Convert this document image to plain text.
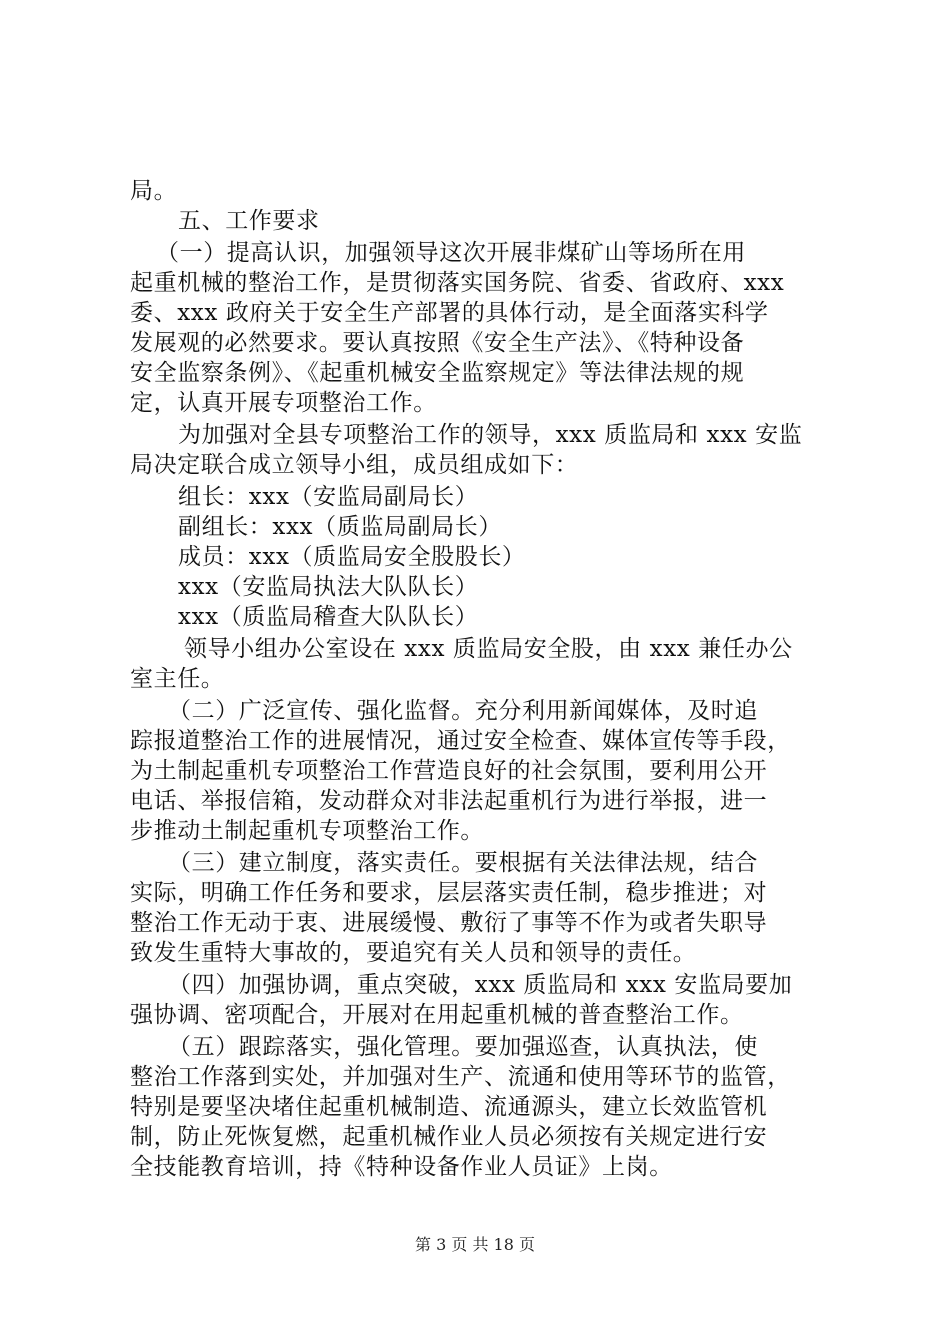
局。
五、工作要求
（一）提高认识，加强领导这次开展非煤矿山等场所在用
起重机械的整治工作，是贯彻落实国务院、省委、省政府、xxx
委、xxx 政府关于安全生产部署的具体行动，是全面落实科学
发展观的必然要求。要认真按照《安全生产法》、《特种设备
安全监察条例》、《起重机械安全监察规定》等法律法规的规
定，认真开展专项整治工作。
为加强对全县专项整治工作的领导，xxx 质监局和 xxx 安监
局决定联合成立领导小组，成员组成如下：
组长：xxx（安监局副局长）
副组长：xxx（质监局副局长）
成员：xxx（质监局安全股股长）
xxx（安监局执法大队队长）
xxx（质监局稽查大队队长）
领导小组办公室设在 xxx 质监局安全股，由 xxx 兼任办公
室主任。
（二）广泛宣传、强化监督。充分利用新闻媒体，及时追
踪报道整治工作的进展情况，通过安全检查、媒体宣传等手段，
为土制起重机专项整治工作营造良好的社会氛围，要利用公开
电话、举报信箱，发动群众对非法起重机行为进行举报，进一
步推动土制起重机专项整治工作。
（三）建立制度，落实责任。要根据有关法律法规，结合
实际，明确工作任务和要求，层层落实责任制，稳步推进；对
整治工作无动于衷、进展缓慢、敷衍了事等不作为或者失职导
致发生重特大事故的，要追究有关人员和领导的责任。
（四）加强协调，重点突破，xxx 质监局和 xxx 安监局要加
强协调、密项配合，开展对在用起重机械的普查整治工作。
（五）跟踪落实，强化管理。要加强巡查，认真执法，使
整治工作落到实处，并加强对生产、流通和使用等环节的监管，
特别是要坚决堵住起重机械制造、流通源头，建立长效监管机
制，防止死恢复燃，起重机械作业人员必须按有关规定进行安
全技能教育培训，持《特种设备作业人员证》上岗。
第 3 页 共 18 页
